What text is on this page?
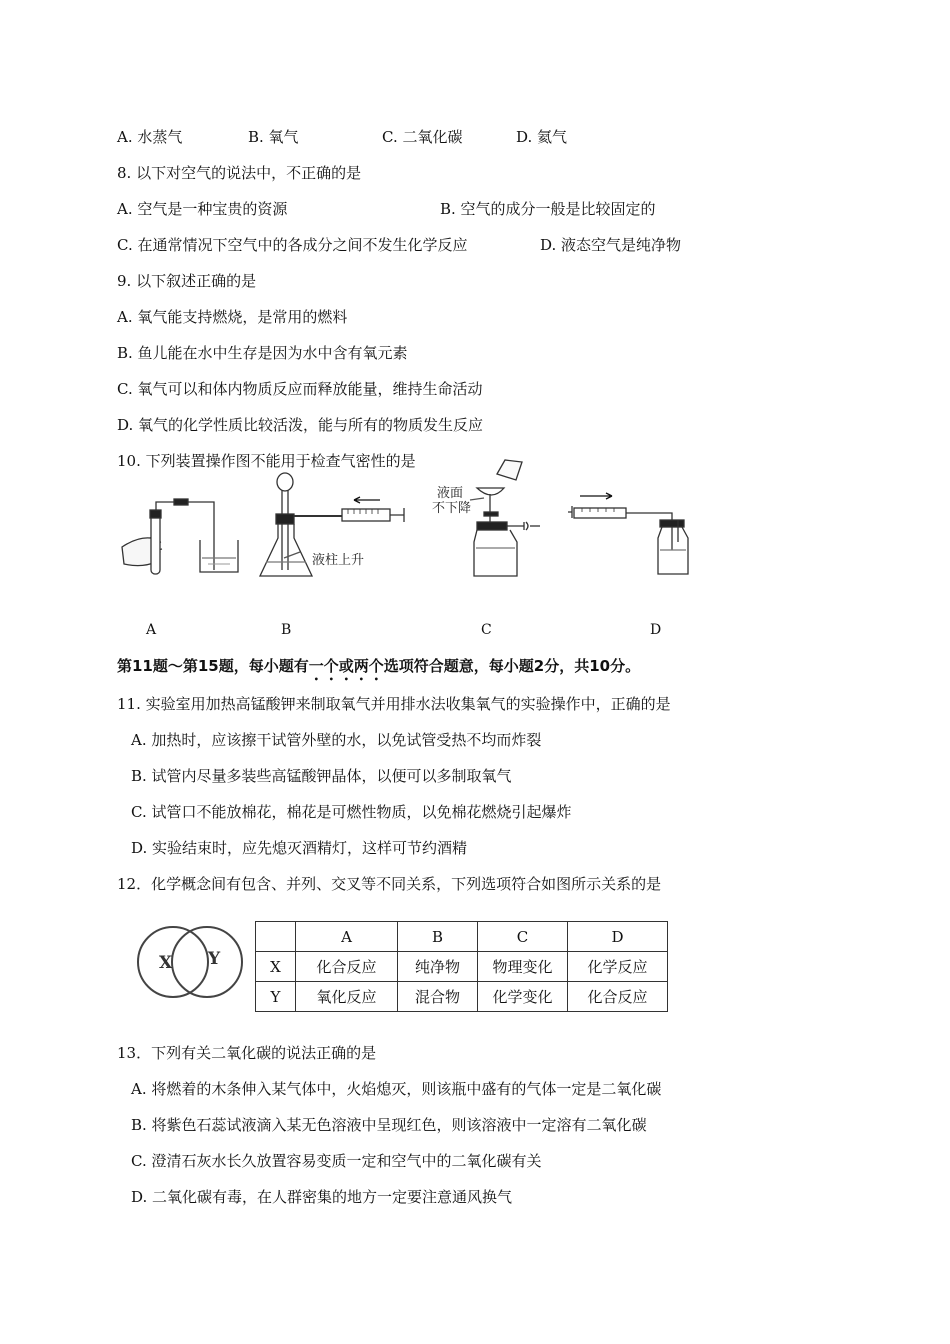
A. 水蒸气	B. 氧气	C. 二氧化碳	D. 氦气
8. 以下对空气的说法中，不正确的是
A. 空气是一种宝贵的资源	B. 空气的成分一般是比较固定的
C. 在通常情况下空气中的各成分之间不发生化学反应	D. 液态空气是纯净物
9. 以下叙述正确的是
A. 氧气能支持燃烧，是常用的燃料
B. 鱼儿能在水中生存是因为水中含有氧元素
C. 氧气可以和体内物质反应而释放能量，维持生命活动
D. 氧气的化学性质比较活泼，能与所有的物质发生反应
10. 下列装置操作图不能用于检查气密性的是
液柱上升
液面
不下降
A	B	C	D
第11题～第15题，每小题有一个或两个选项符合题意，每小题2分，共10分。
11. 实验室用加热高锰酸钾来制取氧气并用排水法收集氧气的实验操作中，正确的是
A. 加热时，应该擦干试管外壁的水，以免试管受热不均而炸裂
B. 试管内尽量多装些高锰酸钾晶体，以便可以多制取氧气
C. 试管口不能放棉花，棉花是可燃性物质，以免棉花燃烧引起爆炸
D. 实验结束时，应先熄灭酒精灯，这样可节约酒精
12．化学概念间有包含、并列、交叉等不同关系，下列选项符合如图所示关系的是
X Y
	A	B	C	D
X	化合反应	纯净物	物理变化	化学反应
Y	氧化反应	混合物	化学变化	化合反应
13．下列有关二氧化碳的说法正确的是
A. 将燃着的木条伸入某气体中，火焰熄灭，则该瓶中盛有的气体一定是二氧化碳
B. 将紫色石蕊试液滴入某无色溶液中呈现红色，则该溶液中一定溶有二氧化碳
C. 澄清石灰水长久放置容易变质一定和空气中的二氧化碳有关
D. 二氧化碳有毒，在人群密集的地方一定要注意通风换气
